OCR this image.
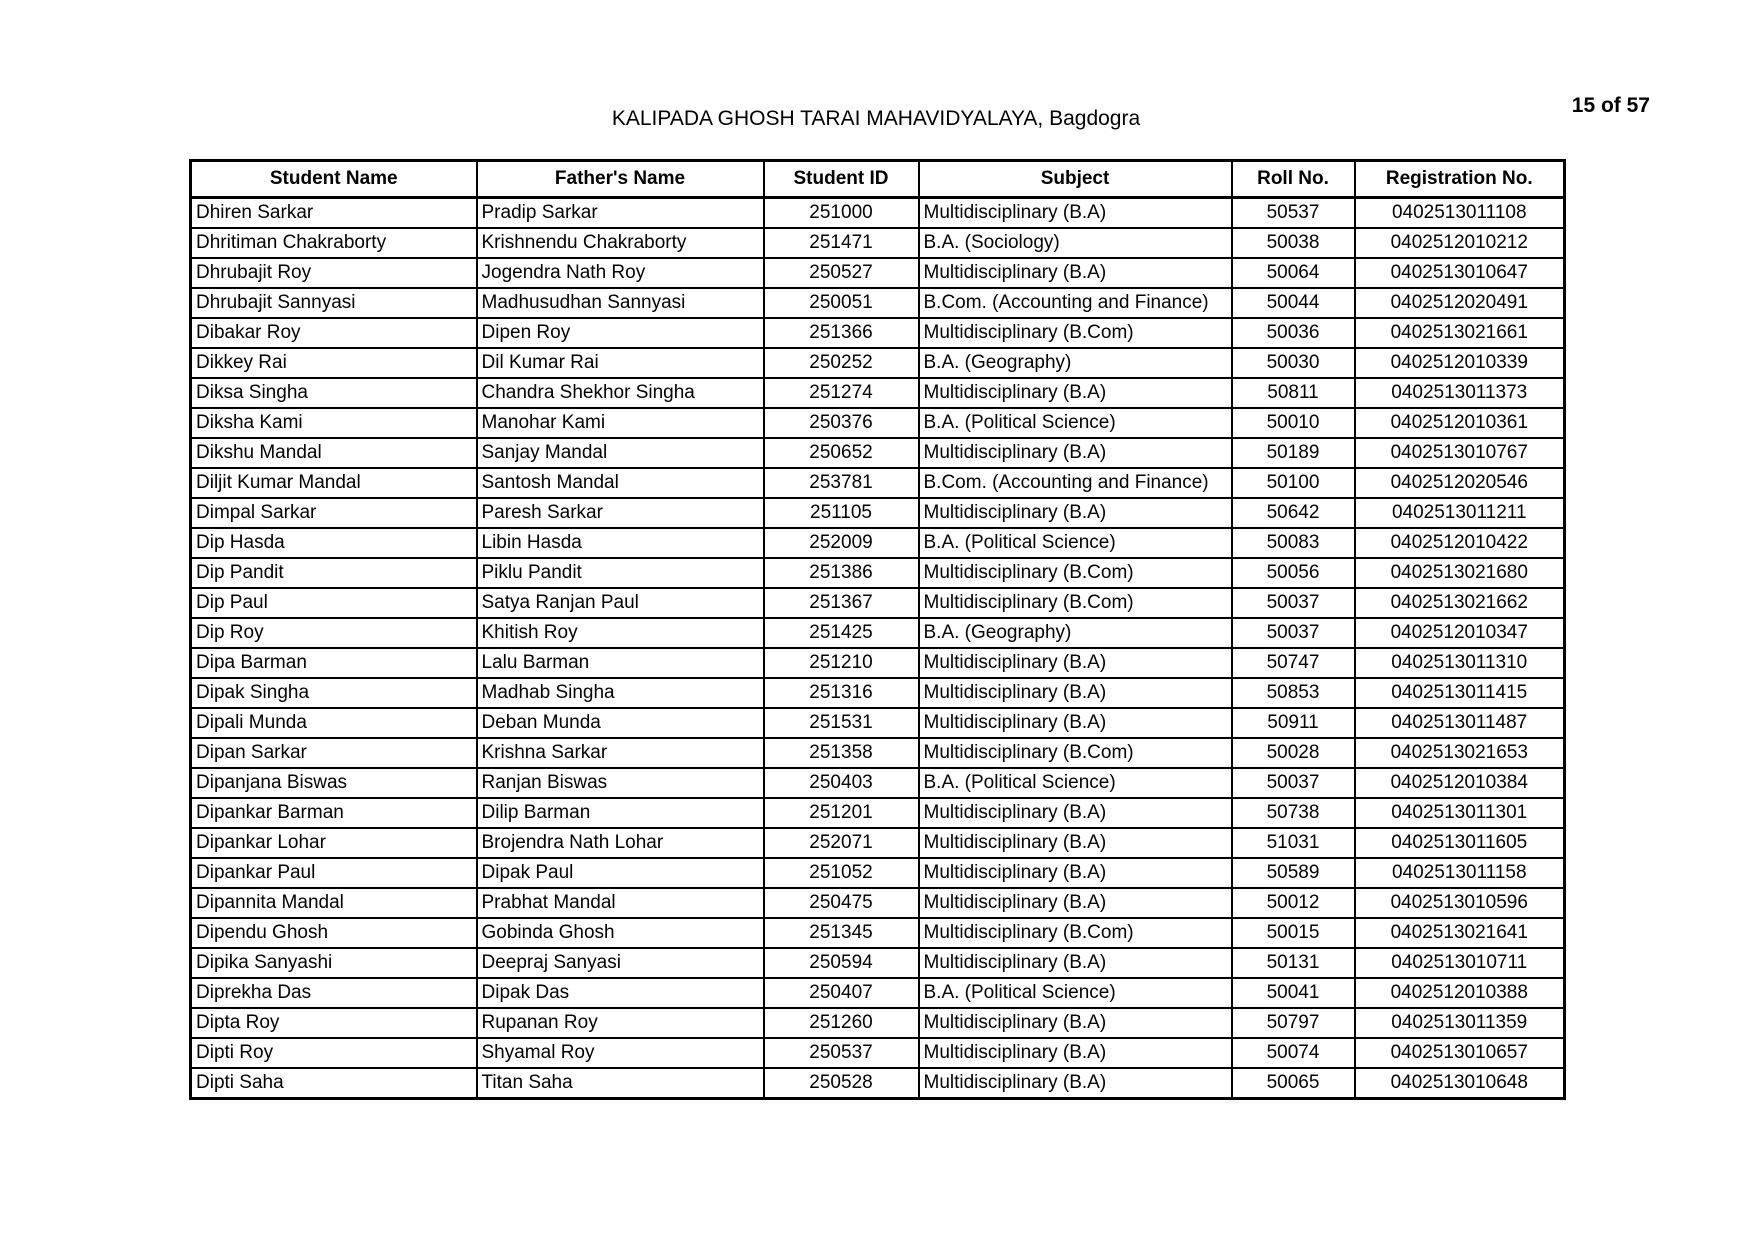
15 of 57
KALIPADA GHOSH TARAI MAHAVIDYALAYA, Bagdogra
Student Name	Father's Name	Student ID	Subject	Roll No.	Registration No.
Dhiren Sarkar	Pradip Sarkar	251000	Multidisciplinary (B.A)	50537	0402513011108
Dhritiman Chakraborty	Krishnendu Chakraborty	251471	B.A. (Sociology)	50038	0402512010212
Dhrubajit Roy	Jogendra Nath Roy	250527	Multidisciplinary (B.A)	50064	0402513010647
Dhrubajit Sannyasi	Madhusudhan Sannyasi	250051	B.Com. (Accounting and Finance)	50044	0402512020491
Dibakar Roy	Dipen Roy	251366	Multidisciplinary (B.Com)	50036	0402513021661
Dikkey Rai	Dil Kumar Rai	250252	B.A. (Geography)	50030	0402512010339
Diksa Singha	Chandra Shekhor Singha	251274	Multidisciplinary (B.A)	50811	0402513011373
Diksha Kami	Manohar Kami	250376	B.A. (Political Science)	50010	0402512010361
Dikshu Mandal	Sanjay Mandal	250652	Multidisciplinary (B.A)	50189	0402513010767
Diljit Kumar Mandal	Santosh Mandal	253781	B.Com. (Accounting and Finance)	50100	0402512020546
Dimpal Sarkar	Paresh Sarkar	251105	Multidisciplinary (B.A)	50642	0402513011211
Dip Hasda	Libin Hasda	252009	B.A. (Political Science)	50083	0402512010422
Dip Pandit	Piklu Pandit	251386	Multidisciplinary (B.Com)	50056	0402513021680
Dip Paul	Satya Ranjan Paul	251367	Multidisciplinary (B.Com)	50037	0402513021662
Dip Roy	Khitish Roy	251425	B.A. (Geography)	50037	0402512010347
Dipa Barman	Lalu Barman	251210	Multidisciplinary (B.A)	50747	0402513011310
Dipak Singha	Madhab Singha	251316	Multidisciplinary (B.A)	50853	0402513011415
Dipali Munda	Deban Munda	251531	Multidisciplinary (B.A)	50911	0402513011487
Dipan Sarkar	Krishna Sarkar	251358	Multidisciplinary (B.Com)	50028	0402513021653
Dipanjana Biswas	Ranjan Biswas	250403	B.A. (Political Science)	50037	0402512010384
Dipankar Barman	Dilip Barman	251201	Multidisciplinary (B.A)	50738	0402513011301
Dipankar Lohar	Brojendra Nath Lohar	252071	Multidisciplinary (B.A)	51031	0402513011605
Dipankar Paul	Dipak Paul	251052	Multidisciplinary (B.A)	50589	0402513011158
Dipannita Mandal	Prabhat Mandal	250475	Multidisciplinary (B.A)	50012	0402513010596
Dipendu Ghosh	Gobinda Ghosh	251345	Multidisciplinary (B.Com)	50015	0402513021641
Dipika Sanyashi	Deepraj Sanyasi	250594	Multidisciplinary (B.A)	50131	0402513010711
Diprekha Das	Dipak Das	250407	B.A. (Political Science)	50041	0402512010388
Dipta Roy	Rupanan Roy	251260	Multidisciplinary (B.A)	50797	0402513011359
Dipti Roy	Shyamal Roy	250537	Multidisciplinary (B.A)	50074	0402513010657
Dipti Saha	Titan Saha	250528	Multidisciplinary (B.A)	50065	0402513010648
